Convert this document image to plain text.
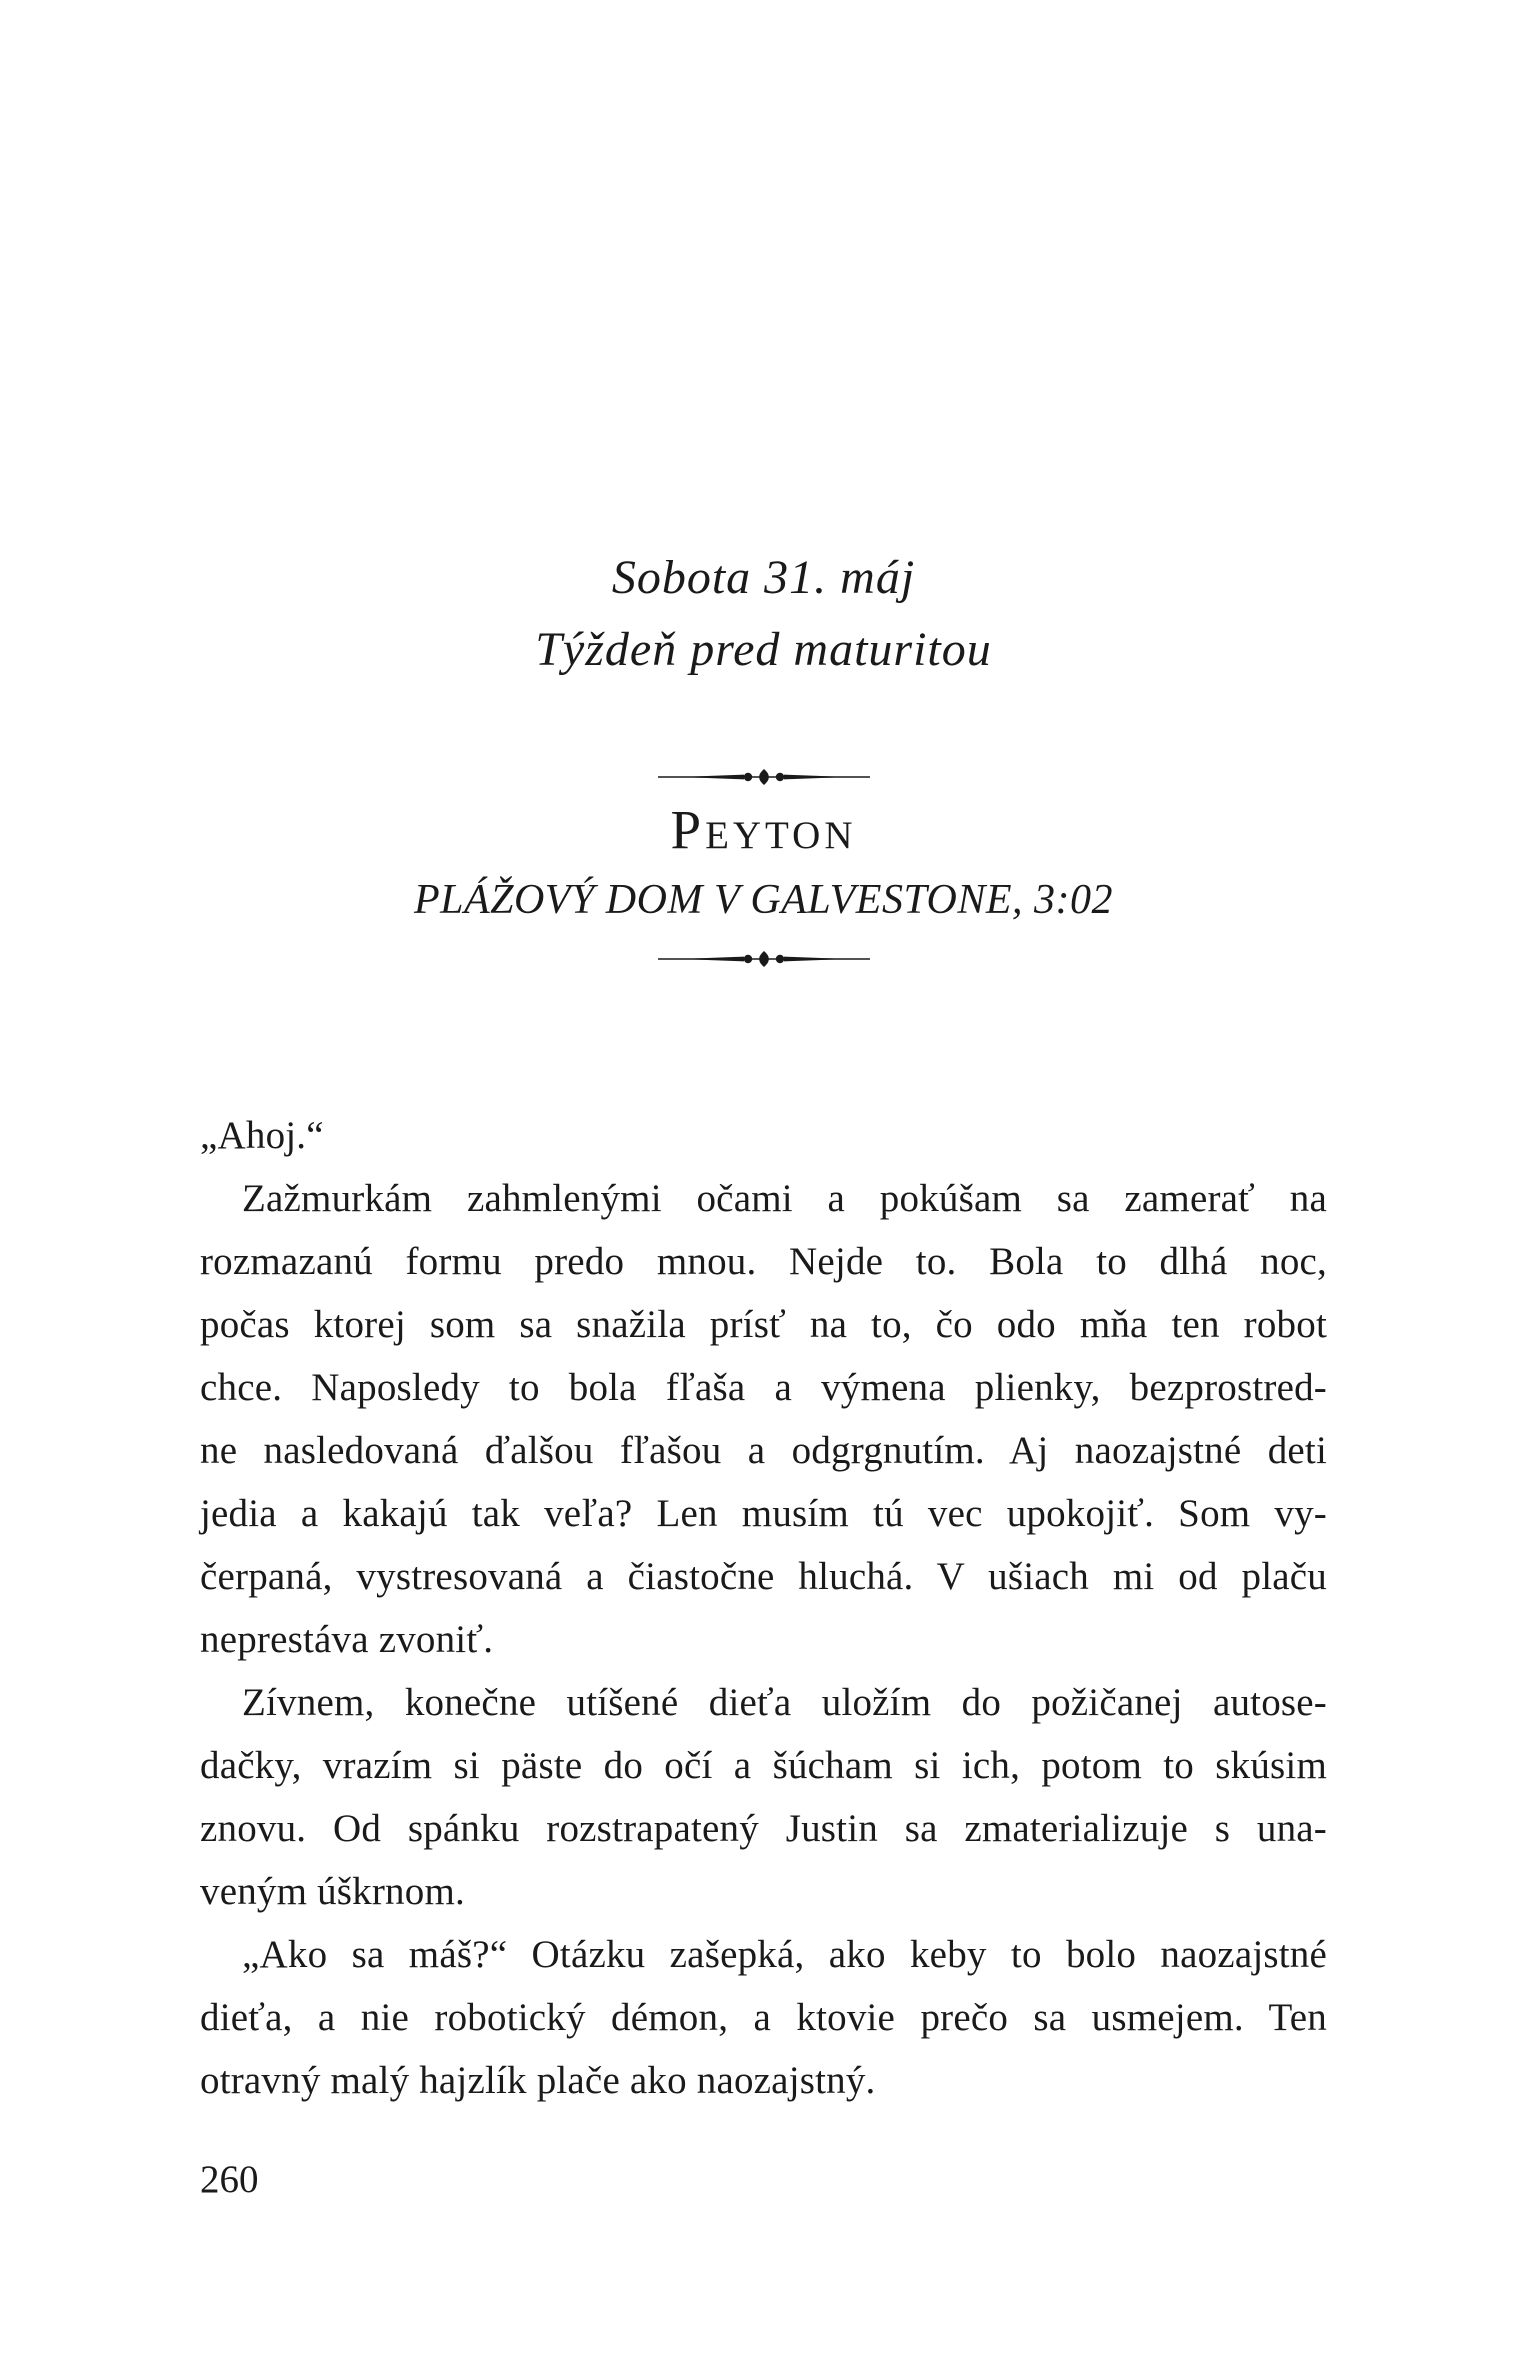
Sobota 31. máj
Týždeň pred maturitou
Peyton
PLÁŽOVÝ DOM V GALVESTONE, 3:02
„Ahoj.“
Zažmurkám zahmlenými očami a pokúšam sa zamerať na
rozmazanú formu predo mnou. Nejde to. Bola to dlhá noc,
počas ktorej som sa snažila prísť na to, čo odo mňa ten robot
chce. Naposledy to bola fľaša a výmena plienky, bezprostred-
ne nasledovaná ďalšou fľašou a odgrgnutím. Aj naozajstné deti
jedia a kakajú tak veľa? Len musím tú vec upokojiť. Som vy-
čerpaná, vystresovaná a čiastočne hluchá. V ušiach mi od plaču
neprestáva zvoniť.
Zívnem, konečne utíšené dieťa uložím do požičanej autose-
dačky, vrazím si päste do očí a šúcham si ich, potom to skúsim
znovu. Od spánku rozstrapatený Justin sa zmaterializuje s una-
veným úškrnom.
„Ako sa máš?“ Otázku zašepká, ako keby to bolo naozajstné
dieťa, a nie robotický démon, a ktovie prečo sa usmejem. Ten
otravný malý hajzlík plače ako naozajstný.
260
